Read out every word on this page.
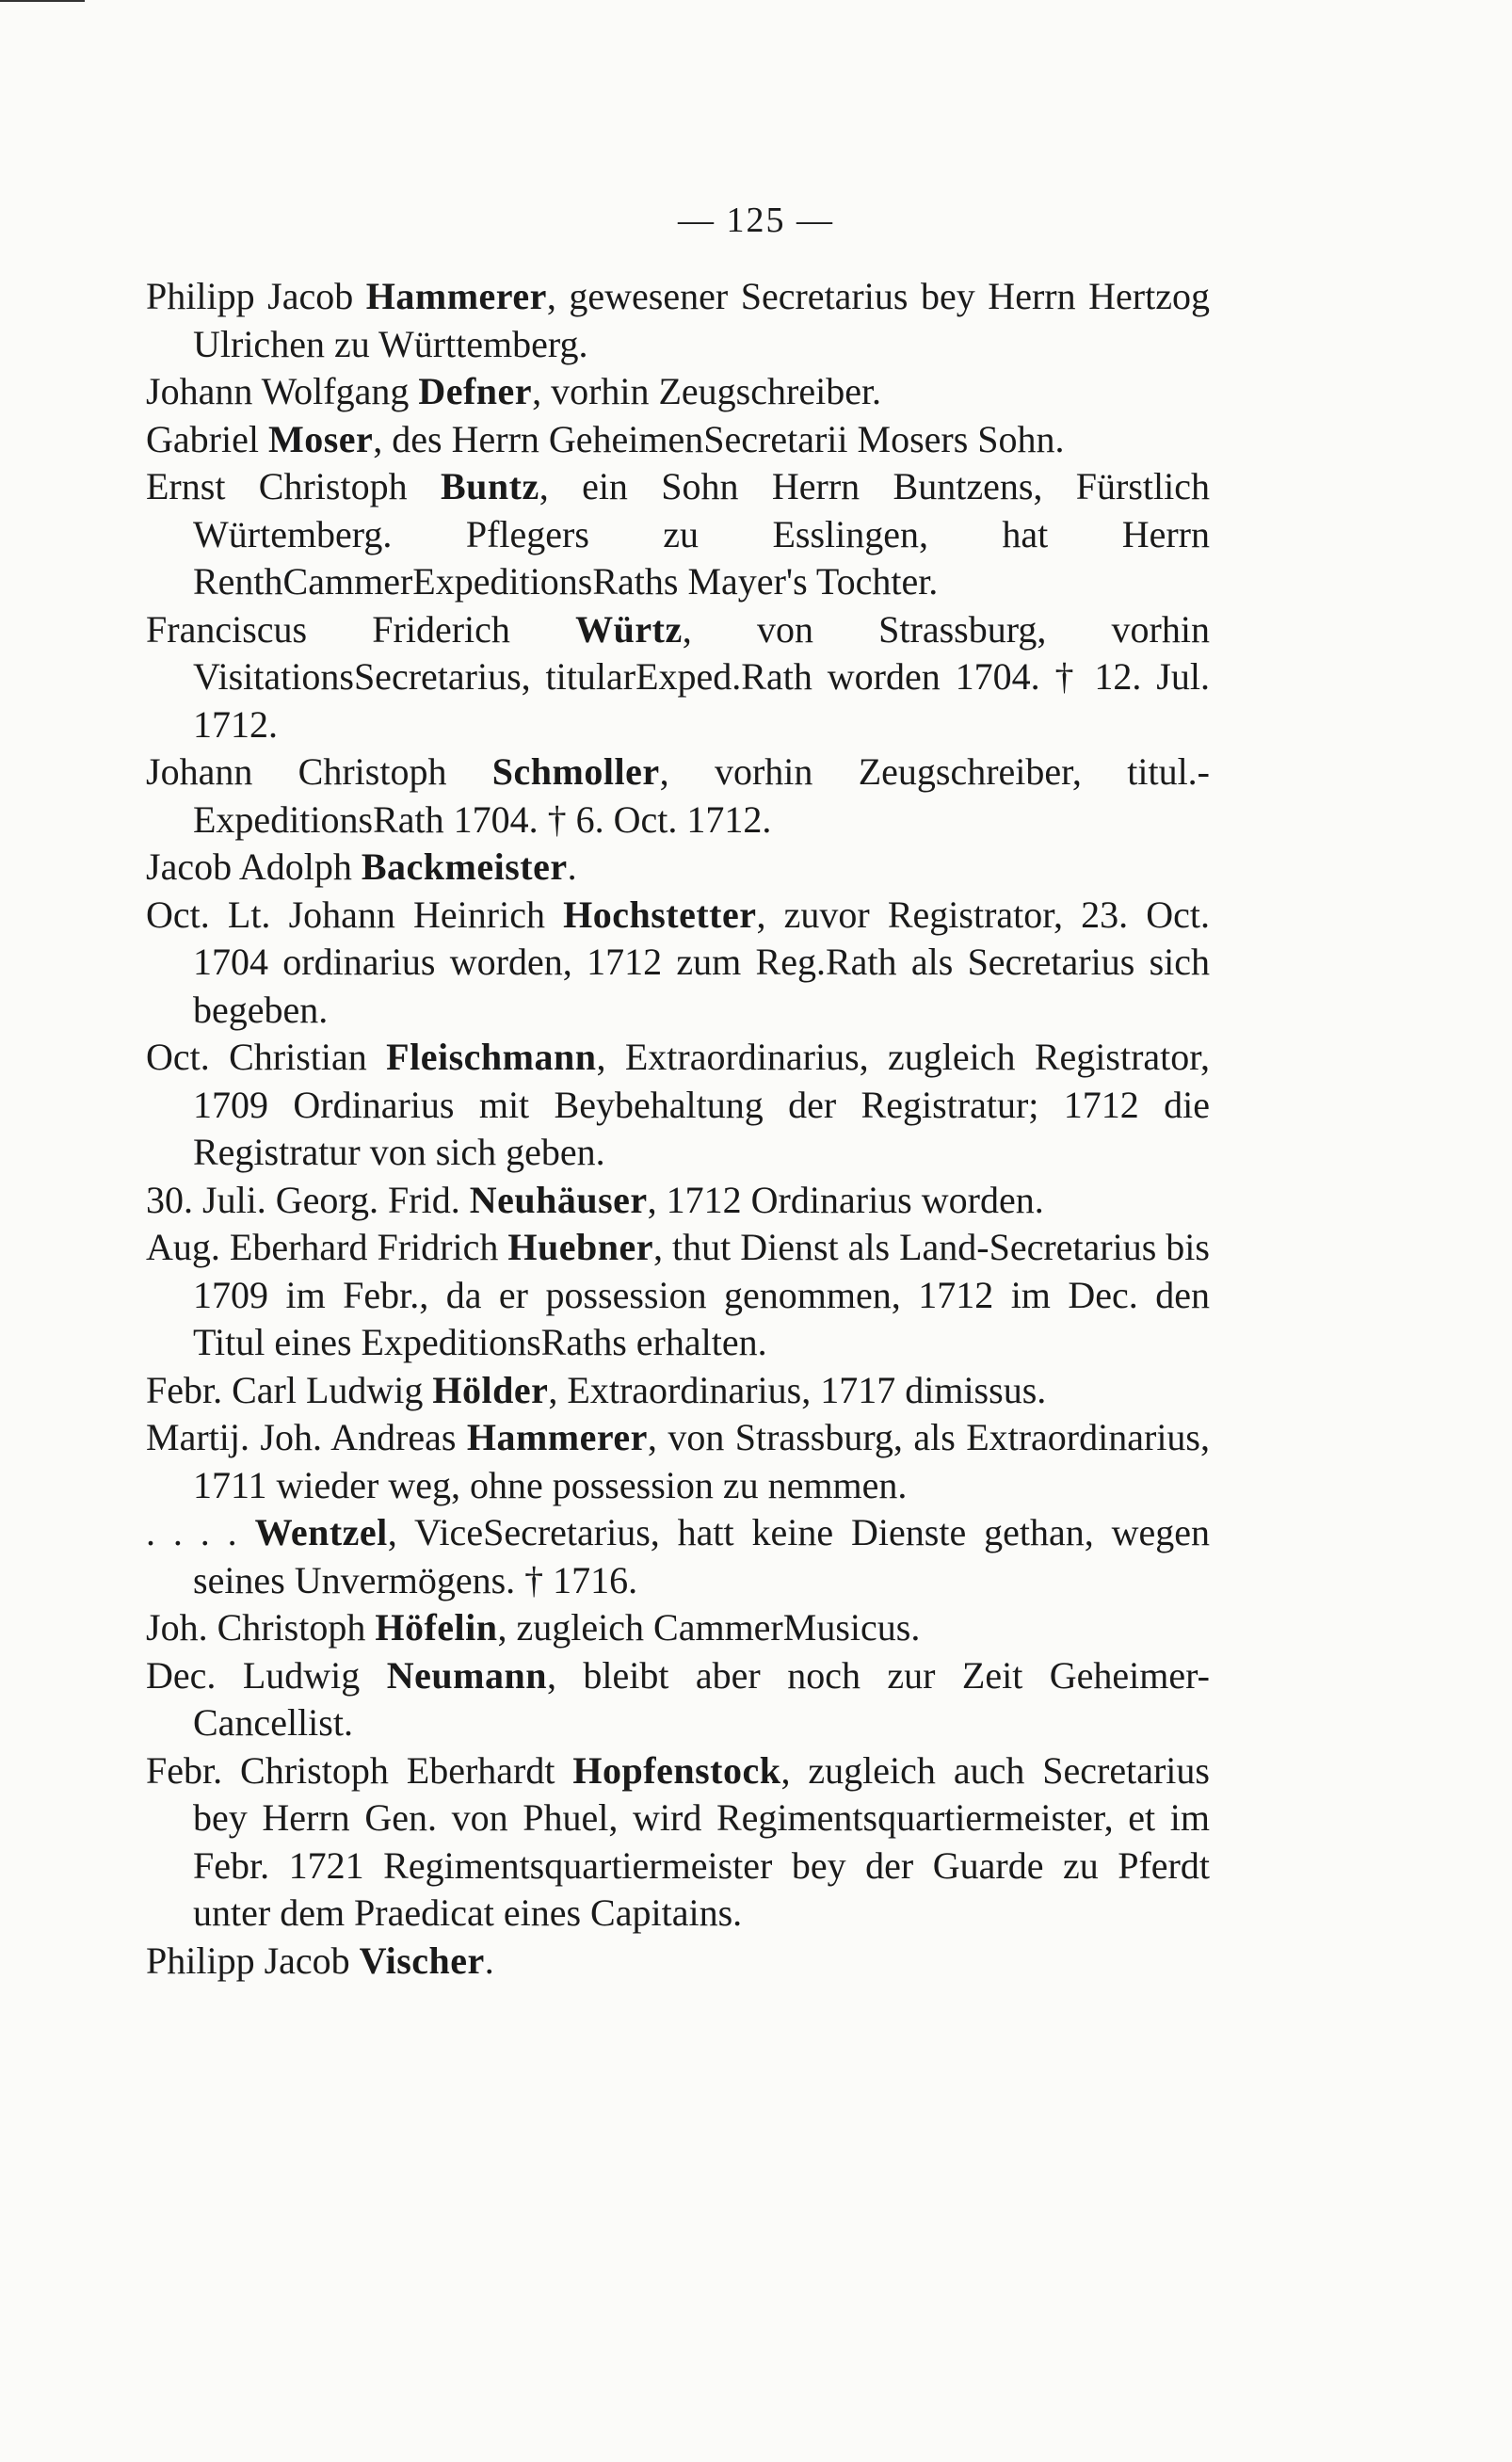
— 125 —

Philipp Jacob Hammerer, gewesener Secretarius bey Herrn Hertzog Ulrichen zu Württemberg.

Johann Wolfgang Defner, vorhin Zeugschreiber.

Gabriel Moser, des Herrn GeheimenSecretarii Mosers Sohn.

Ernst Christoph Buntz, ein Sohn Herrn Buntzens, Fürstlich Würtemberg. Pflegers zu Esslingen, hat Herrn RenthCammerExpeditionsRaths Mayer's Tochter.

Franciscus Friderich Würtz, von Strassburg, vorhin VisitationsSecretarius, titularExped.Rath worden 1704. † 12. Jul. 1712.

Johann Christoph Schmoller, vorhin Zeugschreiber, titul.-ExpeditionsRath 1704. † 6. Oct. 1712.

Jacob Adolph Backmeister.

Oct. Lt. Johann Heinrich Hochstetter, zuvor Registrator, 23. Oct. 1704 ordinarius worden, 1712 zum Reg.Rath als Secretarius sich begeben.

Oct. Christian Fleischmann, Extraordinarius, zugleich Registrator, 1709 Ordinarius mit Beybehaltung der Registratur; 1712 die Registratur von sich geben.

30. Juli. Georg. Frid. Neuhäuser, 1712 Ordinarius worden.

Aug. Eberhard Fridrich Huebner, thut Dienst als Land-Secretarius bis 1709 im Febr., da er possession genommen, 1712 im Dec. den Titul eines ExpeditionsRaths erhalten.

Febr. Carl Ludwig Hölder, Extraordinarius, 1717 dimissus.

Martij. Joh. Andreas Hammerer, von Strassburg, als Extraordinarius, 1711 wieder weg, ohne possession zu nemmen.

. . . . Wentzel, ViceSecretarius, hatt keine Dienste gethan, wegen seines Unvermögens. † 1716.

Joh. Christoph Höfelin, zugleich CammerMusicus.

Dec. Ludwig Neumann, bleibt aber noch zur Zeit Geheimer-Cancellist.

Febr. Christoph Eberhardt Hopfenstock, zugleich auch Secretarius bey Herrn Gen. von Phuel, wird Regimentsquartiermeister, et im Febr. 1721 Regimentsquartiermeister bey der Guarde zu Pferdt unter dem Praedicat eines Capitains.

Philipp Jacob Vischer.
